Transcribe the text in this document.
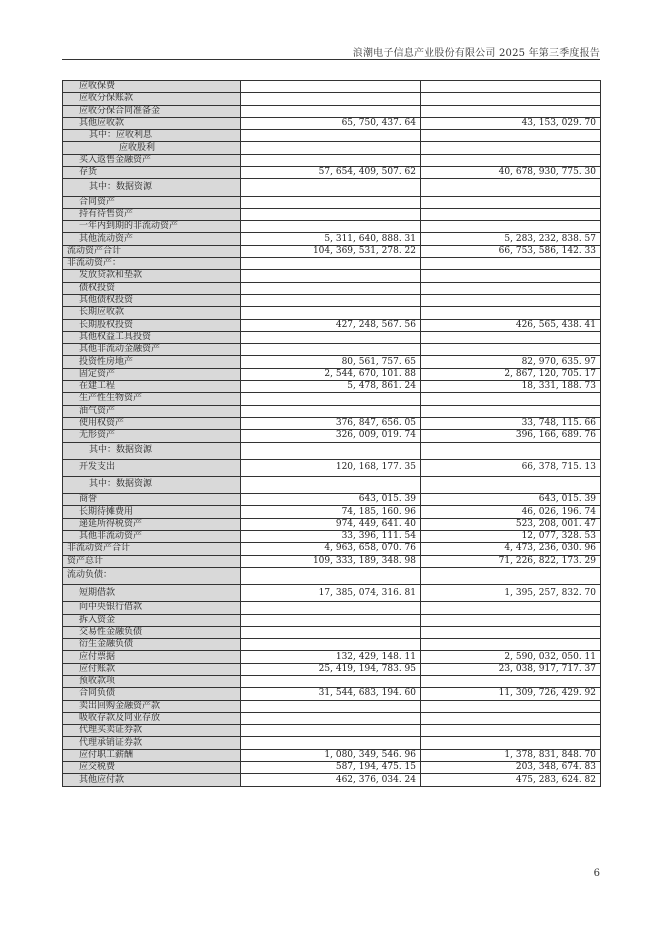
浪潮电子信息产业股份有限公司 2025 年第三季度报告
应收保费		
应收分保账款		
应收分保合同准备金		
其他应收款	65, 750, 437. 64	43, 153, 029. 70
其中：应收利息		
应收股利		
买入返售金融资产		
存货	57, 654, 409, 507. 62	40, 678, 930, 775. 30
其中：数据资源		
合同资产		
持有待售资产		
一年内到期的非流动资产		
其他流动资产	5, 311, 640, 888. 31	5, 283, 232, 838. 57
流动资产合计	104, 369, 531, 278. 22	66, 753, 586, 142. 33
非流动资产：		
发放贷款和垫款		
债权投资		
其他债权投资		
长期应收款		
长期股权投资	427, 248, 567. 56	426, 565, 438. 41
其他权益工具投资		
其他非流动金融资产		
投资性房地产	80, 561, 757. 65	82, 970, 635. 97
固定资产	2, 544, 670, 101. 88	2, 867, 120, 705. 17
在建工程	5, 478, 861. 24	18, 331, 188. 73
生产性生物资产		
油气资产		
使用权资产	376, 847, 656. 05	33, 748, 115. 66
无形资产	326, 009, 019. 74	396, 166, 689. 76
其中：数据资源		
开发支出	120, 168, 177. 35	66, 378, 715. 13
其中：数据资源		
商誉	643, 015. 39	643, 015. 39
长期待摊费用	74, 185, 160. 96	46, 026, 196. 74
递延所得税资产	974, 449, 641. 40	523, 208, 001. 47
其他非流动资产	33, 396, 111. 54	12, 077, 328. 53
非流动资产合计	4, 963, 658, 070. 76	4, 473, 236, 030. 96
资产总计	109, 333, 189, 348. 98	71, 226, 822, 173. 29
流动负债：		
短期借款	17, 385, 074, 316. 81	1, 395, 257, 832. 70
向中央银行借款		
拆入资金		
交易性金融负债		
衍生金融负债		
应付票据	132, 429, 148. 11	2, 590, 032, 050. 11
应付账款	25, 419, 194, 783. 95	23, 038, 917, 717. 37
预收款项		
合同负债	31, 544, 683, 194. 60	11, 309, 726, 429. 92
卖出回购金融资产款		
吸收存款及同业存放		
代理买卖证券款		
代理承销证券款		
应付职工薪酬	1, 080, 349, 546. 96	1, 378, 831, 848. 70
应交税费	587, 194, 475. 15	203, 348, 674. 83
其他应付款	462, 376, 034. 24	475, 283, 624. 82
6
